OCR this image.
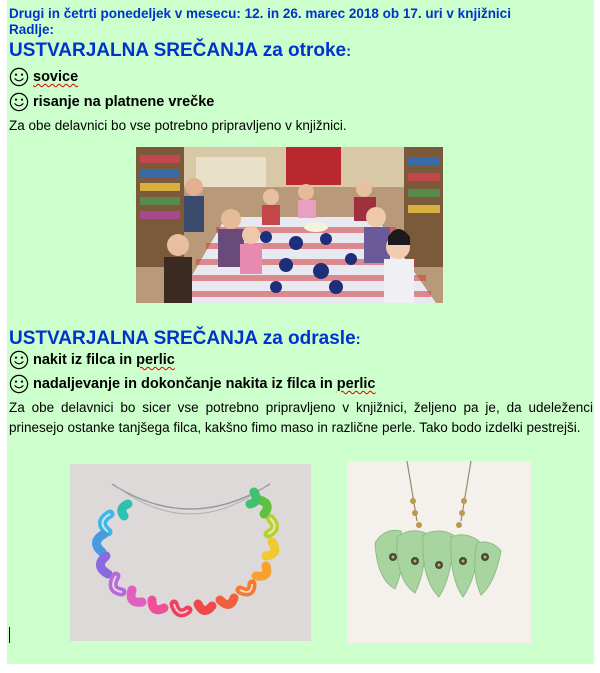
Drugi in četrti ponedeljek v mesecu: 12. in 26. marec 2018 ob 17. uri v knjižnici
Radlje:
USTVARJALNA SREČANJA za otroke:
sovice
risanje na platnene vrečke
Za obe delavnici bo vse potrebno pripravljeno v knjižnici.
USTVARJALNA SREČANJA za odrasle:
nakit iz filca in perlic
nadaljevanje in dokončanje nakita iz filca in perlic
Za obe delavnici bo sicer vse potrebno pripravljeno v knjižnici, željeno pa je, da udeleženci prinesejo ostanke tanjšega filca, kakšno fimo maso in različne perle. Tako bodo izdelki pestrejši.
